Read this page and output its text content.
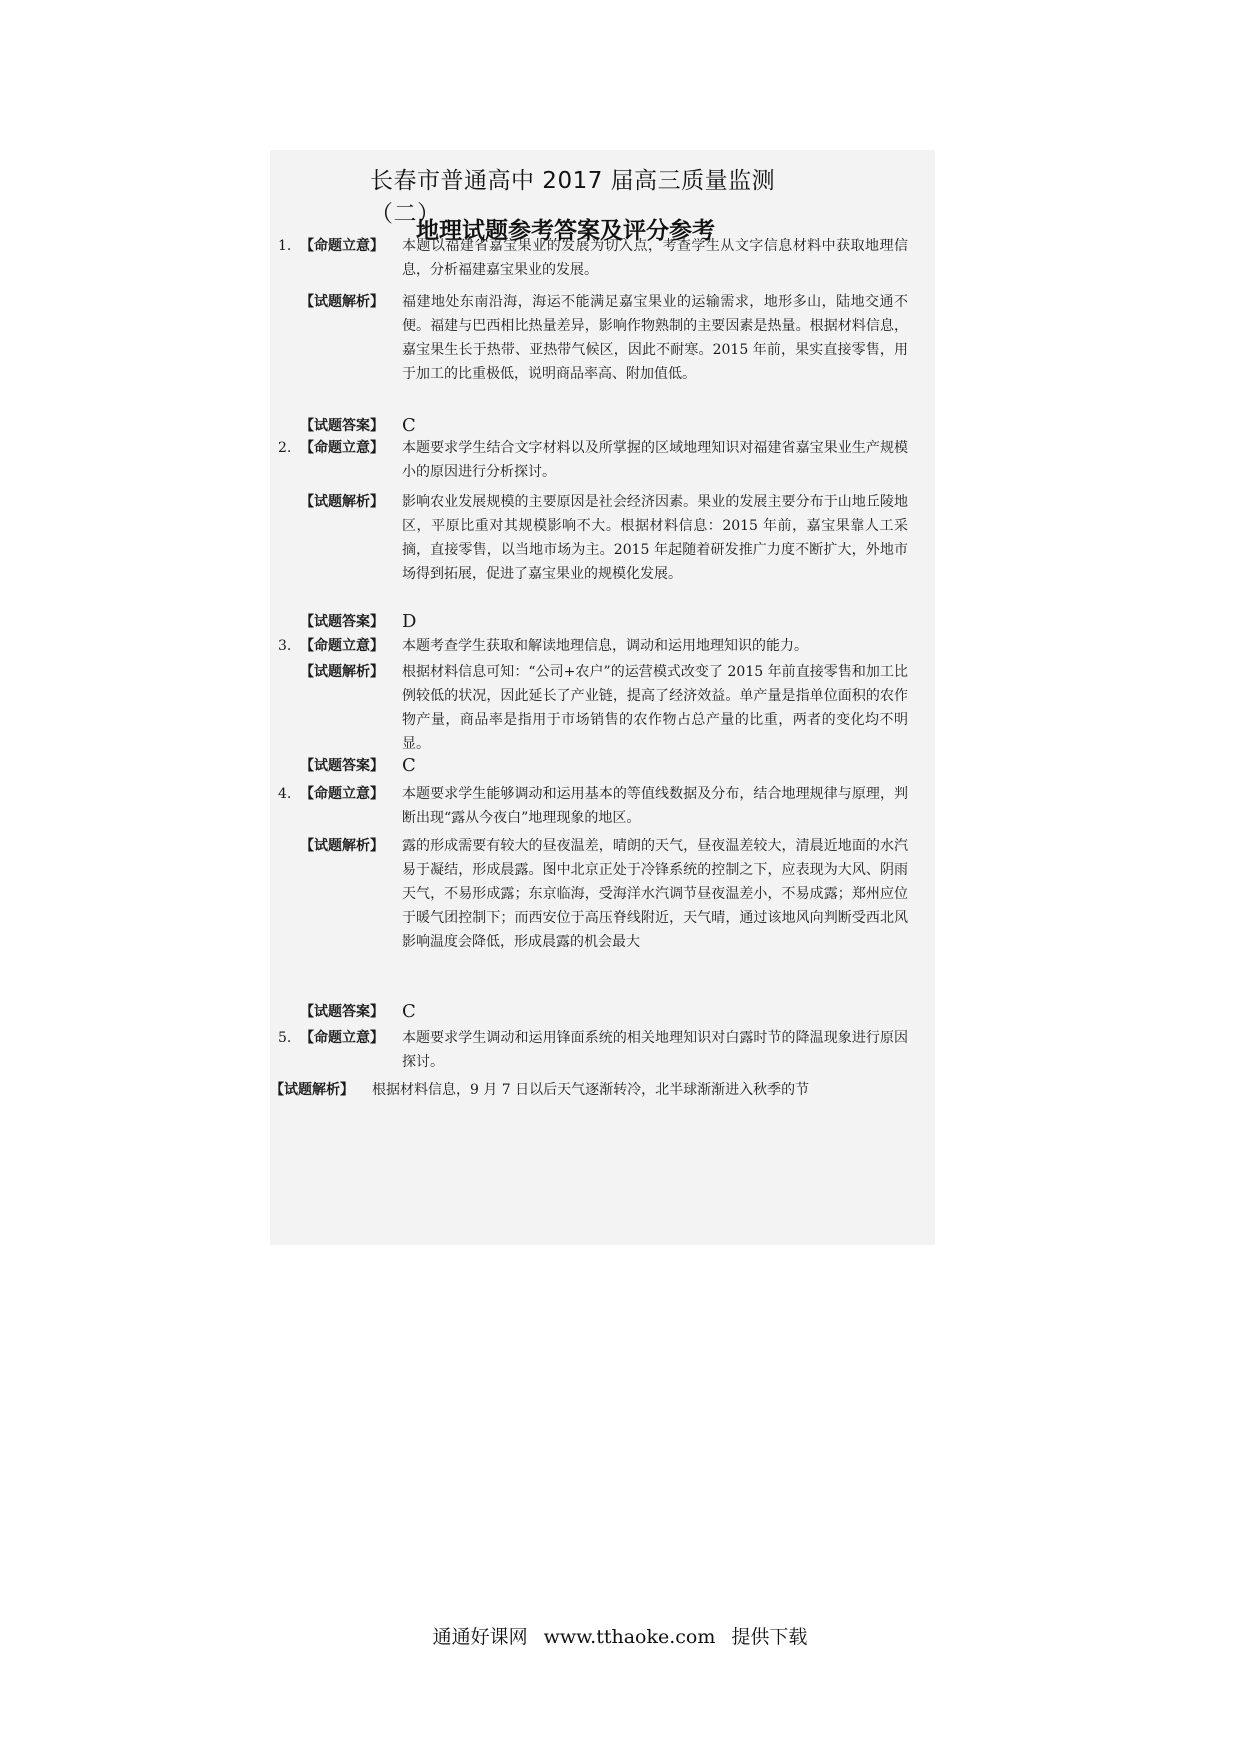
长春市普通高中 2017 届高三质量监测（二）
地理试题参考答案及评分参考
1. 【命题立意】 本题以福建省嘉宝果业的发展为切入点，考查学生从文字信息材料中获取地理信息，分析福建嘉宝果业的发展。
【试题解析】 福建地处东南沿海，海运不能满足嘉宝果业的运输需求，地形多山，陆地交通不便。福建与巴西相比热量差异，影响作物熟制的主要因素是热量。根据材料信息，嘉宝果生长于热带、亚热带气候区，因此不耐寒。2015 年前，果实直接零售，用于加工的比重极低，说明商品率高、附加值低。
【试题答案】 C
2. 【命题立意】 本题要求学生结合文字材料以及所掌握的区域地理知识对福建省嘉宝果业生产规模小的原因进行分析探讨。
【试题解析】 影响农业发展规模的主要原因是社会经济因素。果业的发展主要分布于山地丘陵地区，平原比重对其规模影响不大。根据材料信息：2015 年前，嘉宝果靠人工采摘，直接零售，以当地市场为主。2015 年起随着研发推广力度不断扩大，外地市场得到拓展，促进了嘉宝果业的规模化发展。
【试题答案】 D
3. 【命题立意】 本题考查学生获取和解读地理信息，调动和运用地理知识的能力。
【试题解析】 根据材料信息可知：“公司+农户”的运营模式改变了 2015 年前直接零售和加工比例较低的状况，因此延长了产业链，提高了经济效益。单产量是指单位面积的农作物产量，商品率是指用于市场销售的农作物占总产量的比重，两者的变化均不明显。
【试题答案】 C
4. 【命题立意】 本题要求学生能够调动和运用基本的等值线数据及分布，结合地理规律与原理，判断出现“露从今夜白”地理现象的地区。
【试题解析】 露的形成需要有较大的昼夜温差，晴朗的天气，昼夜温差较大，清晨近地面的水汽易于凝结，形成晨露。图中北京正处于冷锋系统的控制之下，应表现为大风、阴雨天气，不易形成露；东京临海，受海洋水汽调节昼夜温差小，不易成露；郑州应位于暖气团控制下；而西安位于高压脊线附近，天气晴，通过该地风向判断受西北风影响温度会降低，形成晨露的机会最大
【试题答案】 C
5. 【命题立意】 本题要求学生调动和运用锋面系统的相关地理知识对白露时节的降温现象进行原因探讨。
【试题解析】 根据材料信息，9 月 7 日以后天气逐渐转冷，北半球渐渐进入秋季的节
通通好课网 www.tthaoke.com 提供下载
